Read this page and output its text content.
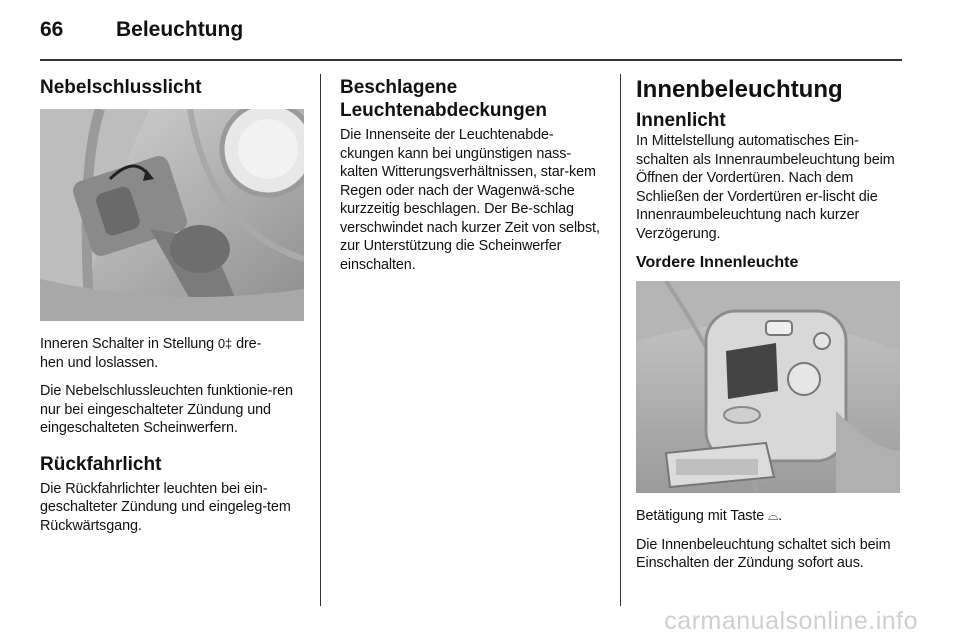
66	Beleuchtung
Nebelschlusslicht

Inneren Schalter in Stellung 0‡ dre-
hen und loslassen.

Die Nebelschlussleuchten funktionie-ren nur bei eingeschalteter Zündung und eingeschalteten Scheinwerfern.

Rückfahrlicht

Die Rückfahrlichter leuchten bei ein-geschalteter Zündung und eingeleg-tem Rückwärtsgang.

Beschlagene Leuchtenabdeckungen

Die Innenseite der Leuchtenabde-ckungen kann bei ungünstigen nass-kalten Witterungsverhältnissen, star-kem Regen oder nach der Wagenwä-sche kurzzeitig beschlagen. Der Be-schlag verschwindet nach kurzer Zeit von selbst, zur Unterstützung die Scheinwerfer einschalten.

Innenbeleuchtung
Innenlicht

In Mittelstellung automatisches Ein-schalten als Innenraumbeleuchtung beim Öffnen der Vordertüren. Nach dem Schließen der Vordertüren er-lischt die Innenraumbeleuchtung nach kurzer Verzögerung.

Vordere Innenleuchte

Betätigung mit Taste ⌓.

Die Innenbeleuchtung schaltet sich beim Einschalten der Zündung sofort aus.

carmanualsonline.info
